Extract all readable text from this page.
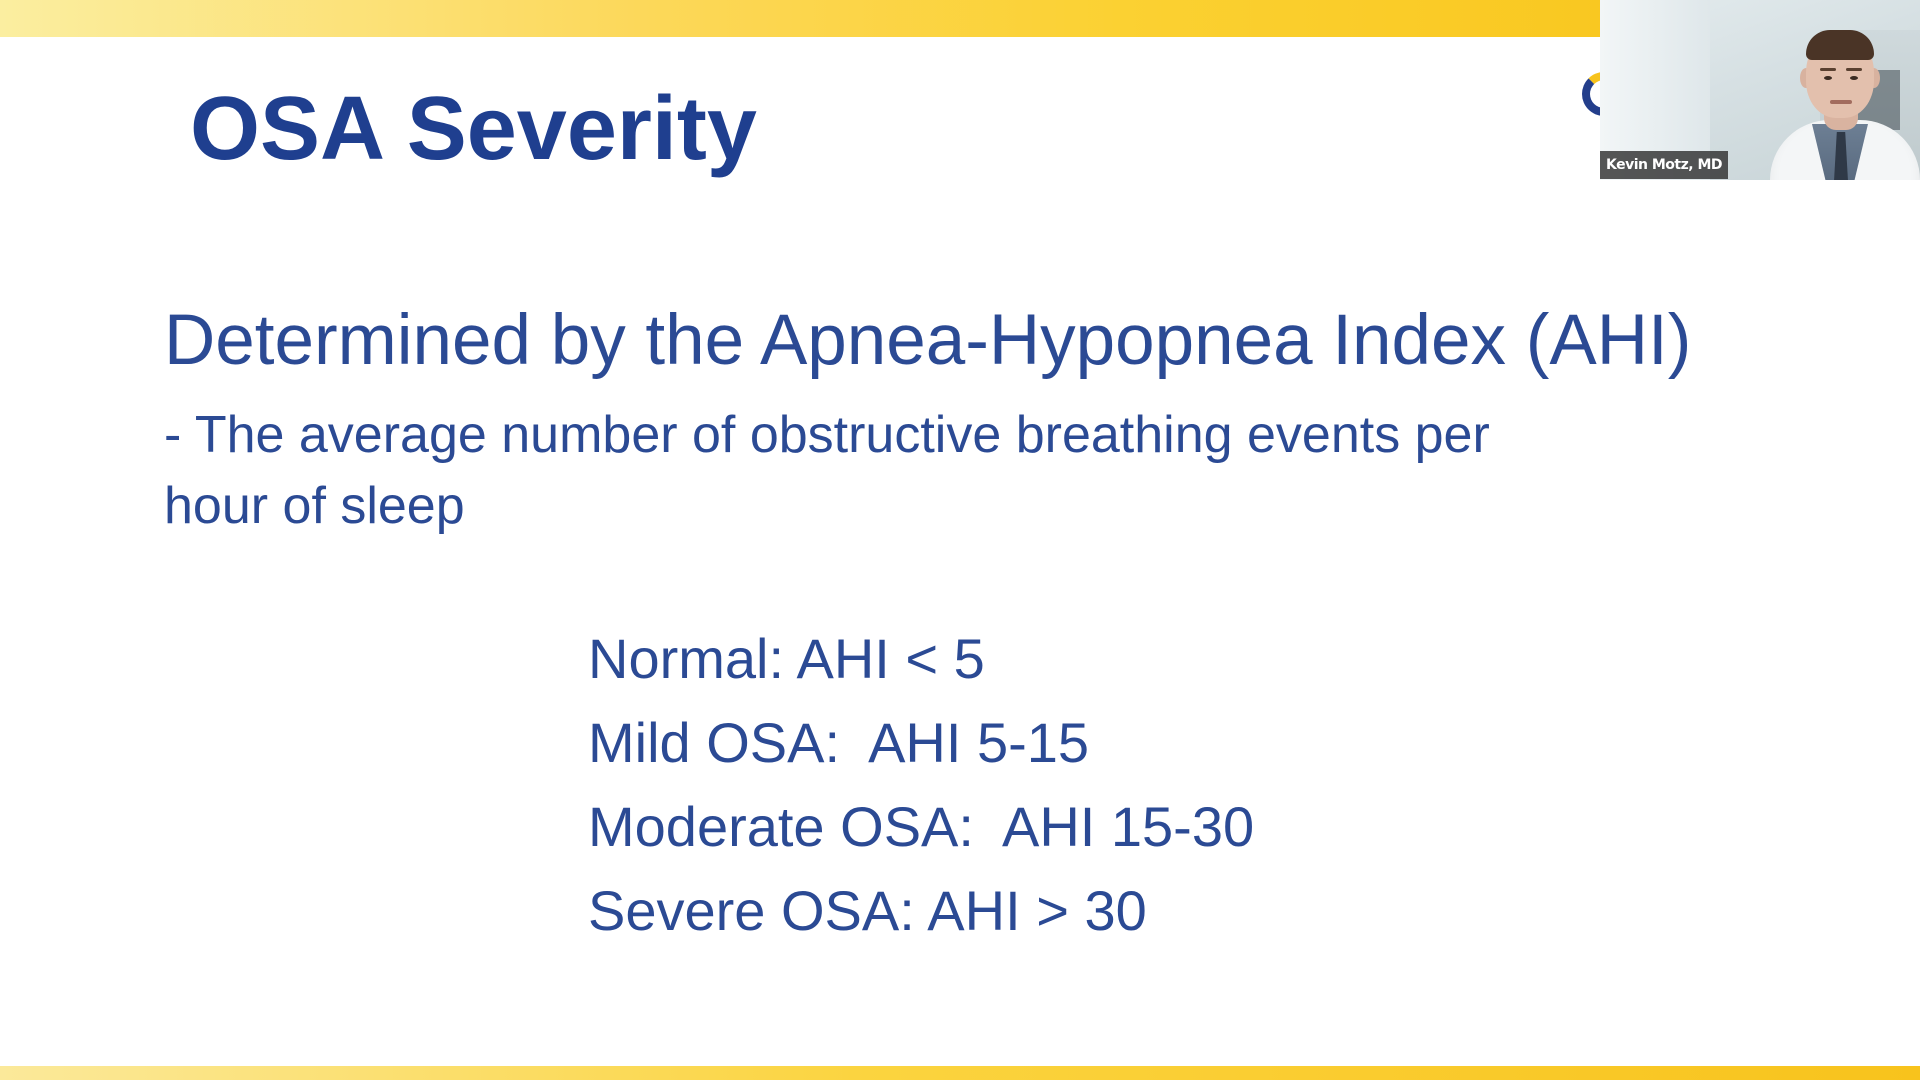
OSA Severity

Determined by the Apnea-Hypopnea Index (AHI)

- The average number of obstructive breathing events per

hour of sleep

Normal: AHI < 5
Mild OSA:  AHI 5-15
Moderate OSA:  AHI 15-30
Severe OSA: AHI > 30
Kevin Motz, MD
